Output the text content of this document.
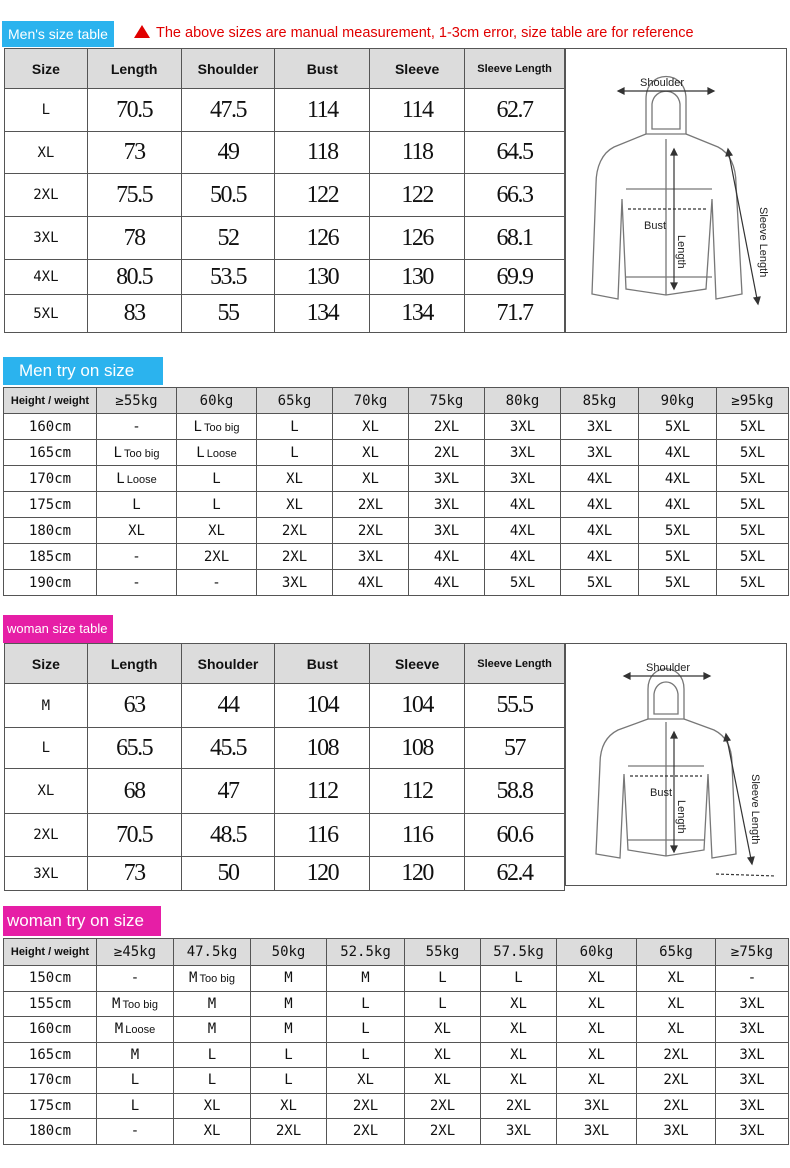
Men's size table	The above sizes are manual measurement, 1-3cm error, size table are for reference
Size	Length	Shoulder	Bust	Sleeve	Sleeve Length
L	70.5	47.5	114	114	62.7
XL	73	49	118	118	64.5
2XL	75.5	50.5	122	122	66.3
3XL	78	52	126	126	68.1
4XL	80.5	53.5	130	130	69.9
5XL	83	55	134	134	71.7
Shoulder
Bust
Length	Sleeve Length
Men try on size
Height / weight	≥55kg	60kg	65kg	70kg	75kg	80kg	85kg	90kg	≥95kg
160cm	-	L Too big	L	XL	2XL	3XL	3XL	5XL	5XL
165cm	L Too big	L Loose	L	XL	2XL	3XL	3XL	4XL	5XL
170cm	L Loose	L	XL	XL	3XL	3XL	4XL	4XL	5XL
175cm	L	L	XL	2XL	3XL	4XL	4XL	4XL	5XL
180cm	XL	XL	2XL	2XL	3XL	4XL	4XL	5XL	5XL
185cm	-	2XL	2XL	3XL	4XL	4XL	4XL	5XL	5XL
190cm	-	-	3XL	4XL	4XL	5XL	5XL	5XL	5XL
woman size table
Size	Length	Shoulder	Bust	Sleeve	Sleeve Length
M	63	44	104	104	55.5
L	65.5	45.5	108	108	57
XL	68	47	112	112	58.8
2XL	70.5	48.5	116	116	60.6
3XL	73	50	120	120	62.4
Shoulder
Bust
Length	Sleeve Length
woman try on size
Height / weight	≥45kg	47.5kg	50kg	52.5kg	55kg	57.5kg	60kg	65kg	≥75kg
150cm	-	M Too big	M	M	L	L	XL	XL	-
155cm	M Too big	M	M	L	L	XL	XL	XL	3XL
160cm	M Loose	M	M	L	XL	XL	XL	XL	3XL
165cm	M	L	L	L	XL	XL	XL	2XL	3XL
170cm	L	L	L	XL	XL	XL	XL	2XL	3XL
175cm	L	XL	XL	2XL	2XL	2XL	3XL	2XL	3XL
180cm	-	XL	2XL	2XL	2XL	3XL	3XL	3XL	3XL
